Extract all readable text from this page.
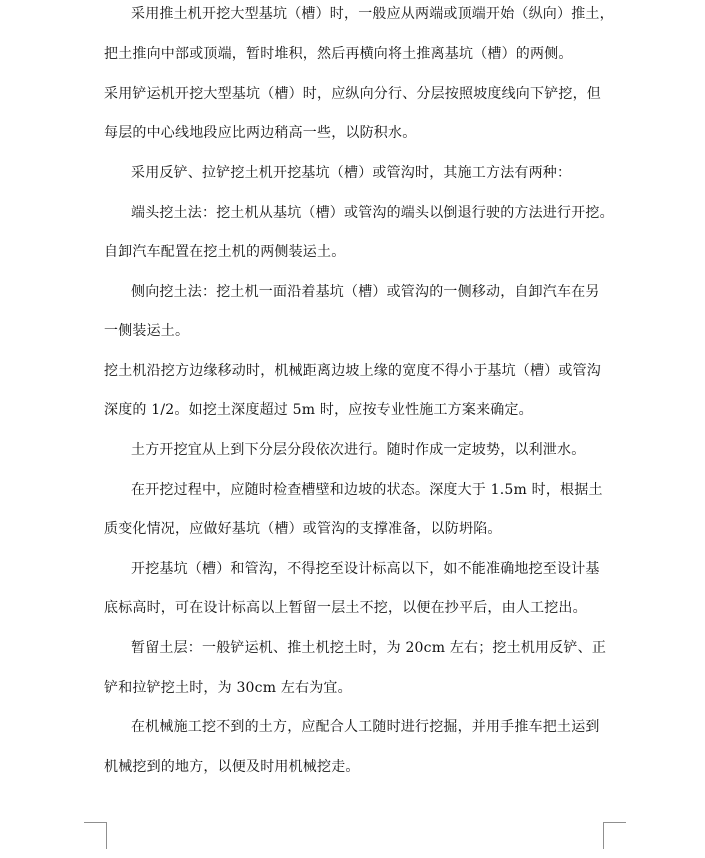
采用推土机开挖大型基坑（槽）时，一般应从两端或顶端开始（纵向）推土，
把土推向中部或顶端，暂时堆积，然后再横向将土推离基坑（槽）的两侧。
采用铲运机开挖大型基坑（槽）时，应纵向分行、分层按照坡度线向下铲挖，但
每层的中心线地段应比两边稍高一些，以防积水。
采用反铲、拉铲挖土机开挖基坑（槽）或管沟时，其施工方法有两种：
端头挖土法：挖土机从基坑（槽）或管沟的端头以倒退行驶的方法进行开挖。
自卸汽车配置在挖土机的两侧装运土。
侧向挖土法：挖土机一面沿着基坑（槽）或管沟的一侧移动，自卸汽车在另
一侧装运土。
挖土机沿挖方边缘移动时，机械距离边坡上缘的宽度不得小于基坑（槽）或管沟
深度的 1/2。如挖土深度超过 5m 时，应按专业性施工方案来确定。
土方开挖宜从上到下分层分段依次进行。随时作成一定坡势，以利泄水。
在开挖过程中，应随时检查槽壁和边坡的状态。深度大于 1.5m 时，根据土
质变化情况，应做好基坑（槽）或管沟的支撑准备，以防坍陷。
开挖基坑（槽）和管沟，不得挖至设计标高以下，如不能准确地挖至设计基
底标高时，可在设计标高以上暂留一层土不挖，以便在抄平后，由人工挖出。
暂留土层：一般铲运机、推土机挖土时，为 20cm 左右；挖土机用反铲、正
铲和拉铲挖土时，为 30cm 左右为宜。
在机械施工挖不到的土方，应配合人工随时进行挖掘，并用手推车把土运到
机械挖到的地方，以便及时用机械挖走。
